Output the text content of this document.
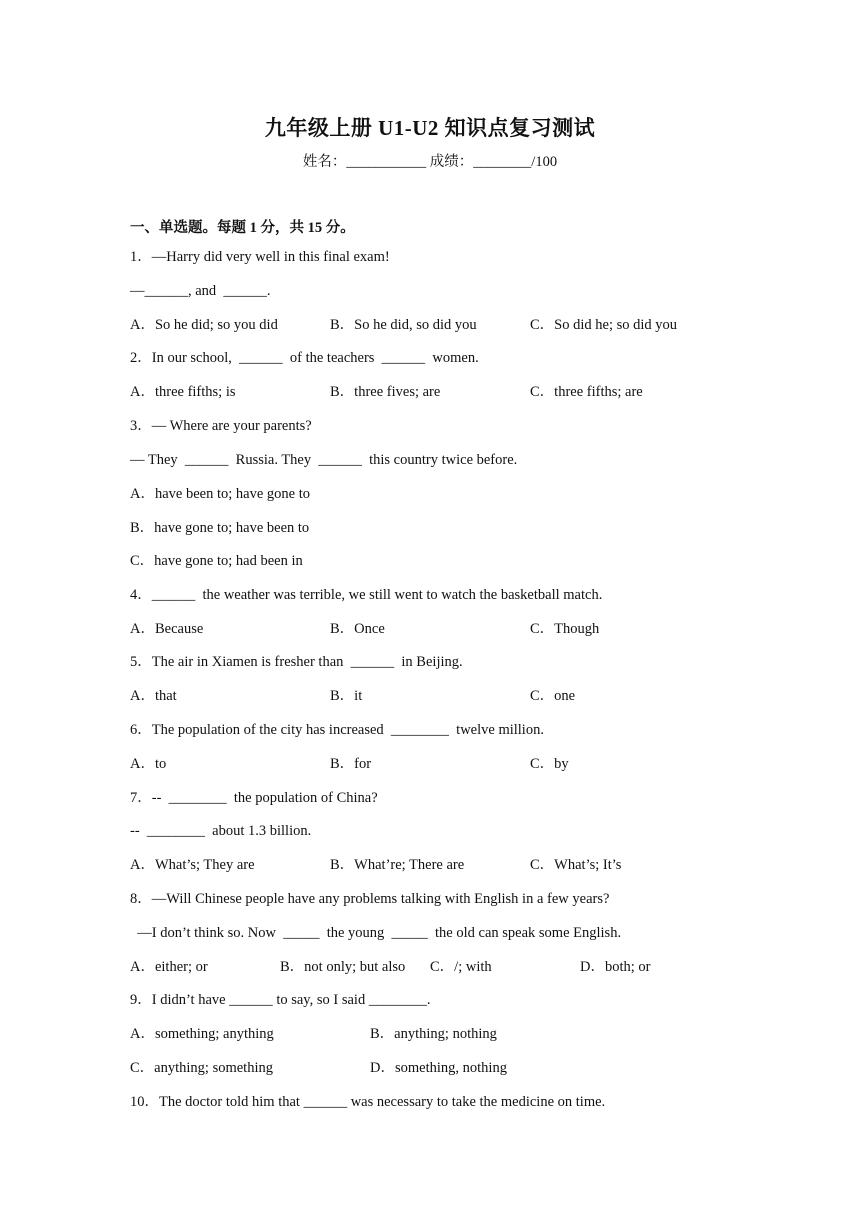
九年级上册 U1-U2 知识点复习测试
姓名：___________ 成绩：________/100
一、单选题。每题 1 分，共 15 分。
1．—Harry did very well in this final exam!
—______, and  ______.
A．So he did; so you did	B．So he did, so did you	C．So did he; so did you
2．In our school,  ______  of the teachers  ______  women.
A．three fifths; is	B．three fives; are	C．three fifths; are
3．— Where are your parents?
— They  ______  Russia. They  ______  this country twice before.
A．have been to; have gone to
B．have gone to; have been to
C．have gone to; had been in
4．______  the weather was terrible, we still went to watch the basketball match.
A．Because	B．Once	C．Though
5．The air in Xiamen is fresher than  ______  in Beijing.
A．that	B．it	C．one
6．The population of the city has increased  ________  twelve million.
A．to	B．for	C．by
7．--  ________  the population of China?
--  ________  about 1.3 billion.
A．What’s; They are	B．What’re; There are	C．What’s; It’s
8．—Will Chinese people have any problems talking with English in a few years?
—I don’t think so. Now  _____  the young  _____  the old can speak some English.
A．either; or	B．not only; but also C．/; with	D．both; or
9．I didn’t have ______ to say, so I said ________.
A．something; anything	B．anything; nothing
C．anything; something	D．something, nothing
10．The doctor told him that ______ was necessary to take the medicine on time.
